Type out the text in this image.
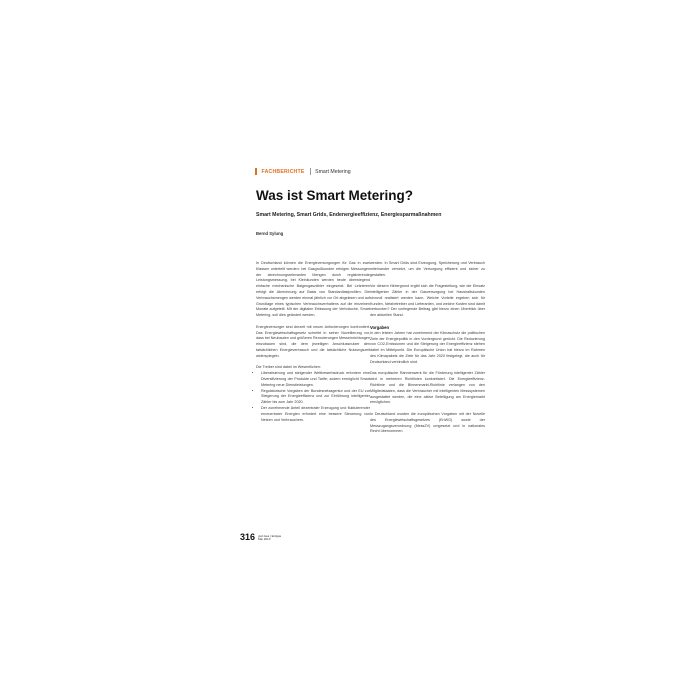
FACHBERICHTE Smart Metering
Was ist Smart Metering?
Smart Metering, Smart Grids, Endenergieeffizienz, Energiesparmaßnahmen
Bernd Sylung

In Deutschland können die Energieversorgungen für Gas in zwei Klassen unterteilt werden: bei Gasgroßkunden erfolgen Messungen der abrechnungsrelevanten Mengen durch registrierende Leistungsmessung, bei Kleinkunden werden heute überwiegend einfache mechanische Balgengaszähler eingesetzt. Bei Letzteren erfolgt die Abrechnung auf Basis von Standardlastprofilen. Die Verbrauchsmengen werden einmal jährlich vor Ort abgelesen und auf Grundlage eines typischen Verbrauchsverhaltens auf die einzelnen Monate aufgeteilt. Mit der digitalen Erfassung der Verbräuche, Smart Metering, soll dies geändert werden.

Energieversorger sind derzeit mit neuen Anforderungen konfrontiert. Das Energiewirtschaftsgesetz schreibt in seiner Novellierung vor, dass bei Neubauten und größeren Renovierungen Messeinrichtungen einzubauen sind, die dem jeweiligen Anschlussnutzer den tatsächlichen Energieverbrauch und die tatsächliche Nutzungszeit widerspiegeln.

Die Treiber sind dabei im Wesentlichen:

• Liberalisierung und steigender Wettbewerbsdruck erfordern eine Diversifizierung der Produkte und Tarife; zudem ermöglicht Smart Metering neue Dienstleistungen.
• Regulatorische Vorgaben der Bundesnetzagentur und der EU zur Steigerung der Energieeffizienz und zur Einführung intelligenter Zähler bis zum Jahr 2020.
• Der zunehmende Anteil dezentraler Erzeugung und fluktuierender erneuerbarer Energien erfordert eine bessere Steuerung von Netzen und Verbrauchern.

werden. In Smart Grids sind Erzeugung, Speicherung und Verbrauch miteinander vernetzt, um die Versorgung effizient und sicher zu gestalten.

Vor diesem Hintergrund ergibt sich die Fragestellung, wie der Einsatz intelligenter Zähler in der Gasversorgung bei Haushaltskunden sinnvoll realisiert werden kann. Welche Vorteile ergeben sich für Kunden, Netzbetreiber und Lieferanten, und welche Kosten sind damit verbunden? Der vorliegende Beitrag gibt hierzu einen Überblick über den aktuellen Stand.

Vorgaben

In den letzten Jahren hat zunehmend der Klimaschutz die politischen Ziele der Energiepolitik in den Vordergrund gerückt. Die Reduzierung von CO2-Emissionen und die Steigerung der Energieeffizienz stehen dabei im Mittelpunkt. Die Europäische Union hat hierzu im Rahmen des Klimapakets die Ziele für das Jahr 2020 festgelegt, die auch für Deutschland verbindlich sind.

Das europäische Rahmenwerk für die Förderung intelligenter Zähler wird in mehreren Richtlinien konkretisiert. Die Energieeffizienz-Richtlinie und die Binnenmarkt-Richtlinie verlangen von den Mitgliedstaaten, dass die Verbraucher mit intelligenten Messsystemen ausgestattet werden, die eine aktive Beteiligung am Energiemarkt ermöglichen.

In Deutschland wurden die europäischen Vorgaben mit der Novelle des Energiewirtschaftsgesetzes (EnWG) sowie der Messzugangsverordnung (MessZV) umgesetzt und in nationales Recht übernommen.

316 gwf-Gas | Erdgas
Mai 2010
